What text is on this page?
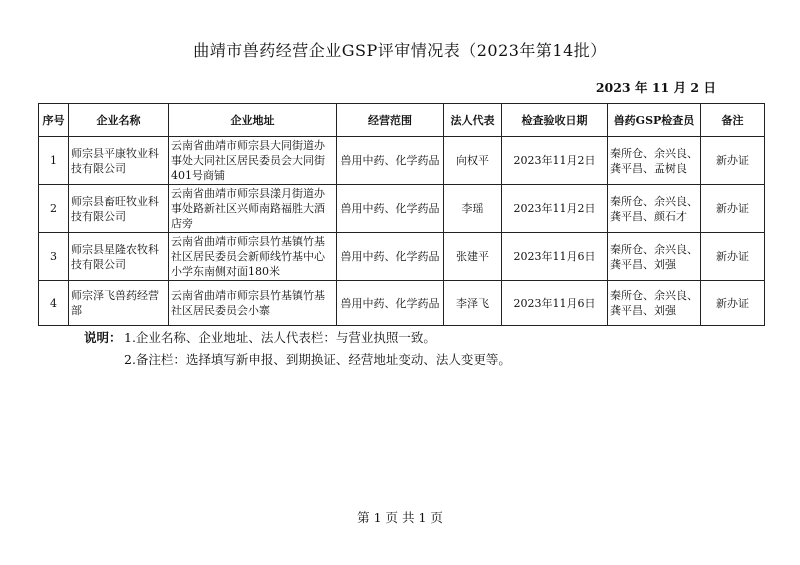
曲靖市兽药经营企业GSP评审情况表（2023年第14批）
2023 年 11 月 2 日
序号	企业名称	企业地址	经营范围	法人代表	检查验收日期	兽药GSP检查员	备注
1	师宗县平康牧业科技有限公司	云南省曲靖市师宗县大同街道办事处大同社区居民委员会大同街401号商铺	兽用中药、化学药品	向权平	2023年11月2日	秦所仓、余兴良、龚平昌、孟树良	新办证
2	师宗县畜旺牧业科技有限公司	云南省曲靖市师宗县漾月街道办事处路新社区兴师南路福胜大酒店旁	兽用中药、化学药品	李瑶	2023年11月2日	秦所仓、余兴良、龚平昌、颜石才	新办证
3	师宗县星隆农牧科技有限公司	云南省曲靖市师宗县竹基镇竹基社区居民委员会新师线竹基中心小学东南侧对面180米	兽用中药、化学药品	张建平	2023年11月6日	秦所仓、余兴良、龚平昌、刘强	新办证
4	师宗泽飞兽药经营部	云南省曲靖市师宗县竹基镇竹基社区居民委员会小寨	兽用中药、化学药品	李泽飞	2023年11月6日	秦所仓、余兴良、龚平昌、刘强	新办证
说明： 1.企业名称、企业地址、法人代表栏：与营业执照一致。
2.备注栏：选择填写新申报、到期换证、经营地址变动、法人变更等。
第 1 页 共 1 页
